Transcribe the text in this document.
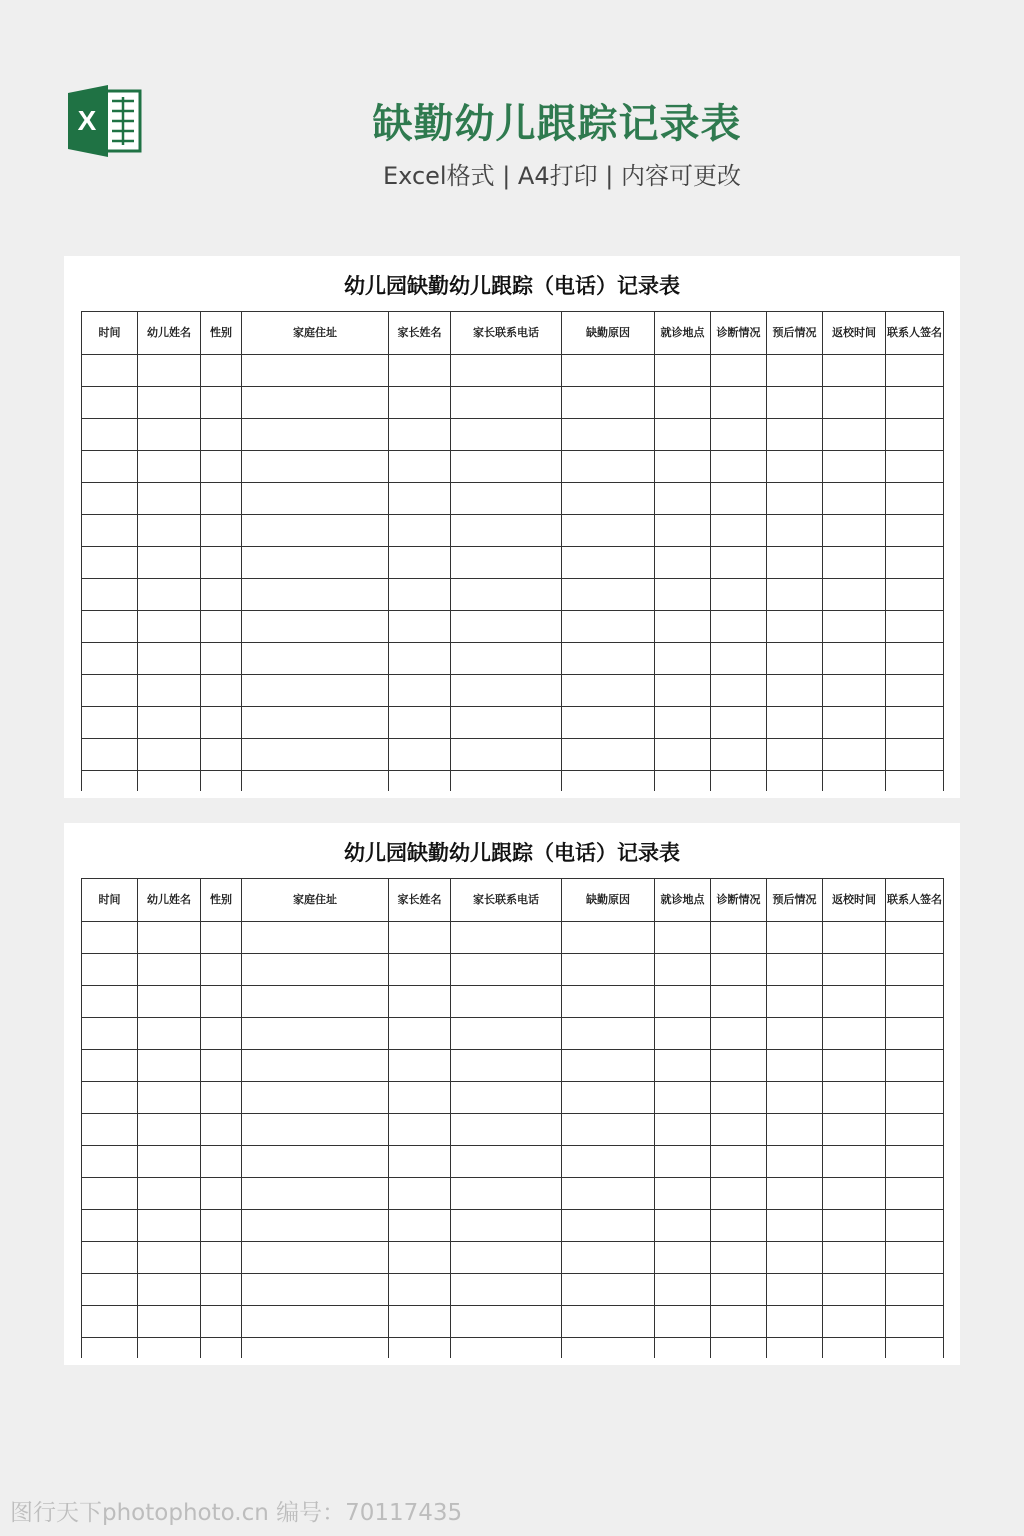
X	缺勤幼儿跟踪记录表
Excel格式 | A4打印 | 内容可更改
幼儿园缺勤幼儿跟踪（电话）记录表
时间	幼儿姓名	性别	家庭住址	家长姓名	家长联系电话	缺勤原因	就诊地点	诊断情况	预后情况	返校时间	联系人签名

幼儿园缺勤幼儿跟踪（电话）记录表
时间	幼儿姓名	性别	家庭住址	家长姓名	家长联系电话	缺勤原因	就诊地点	诊断情况	预后情况	返校时间	联系人签名

图行天下photophoto.cn 编号：70117435
